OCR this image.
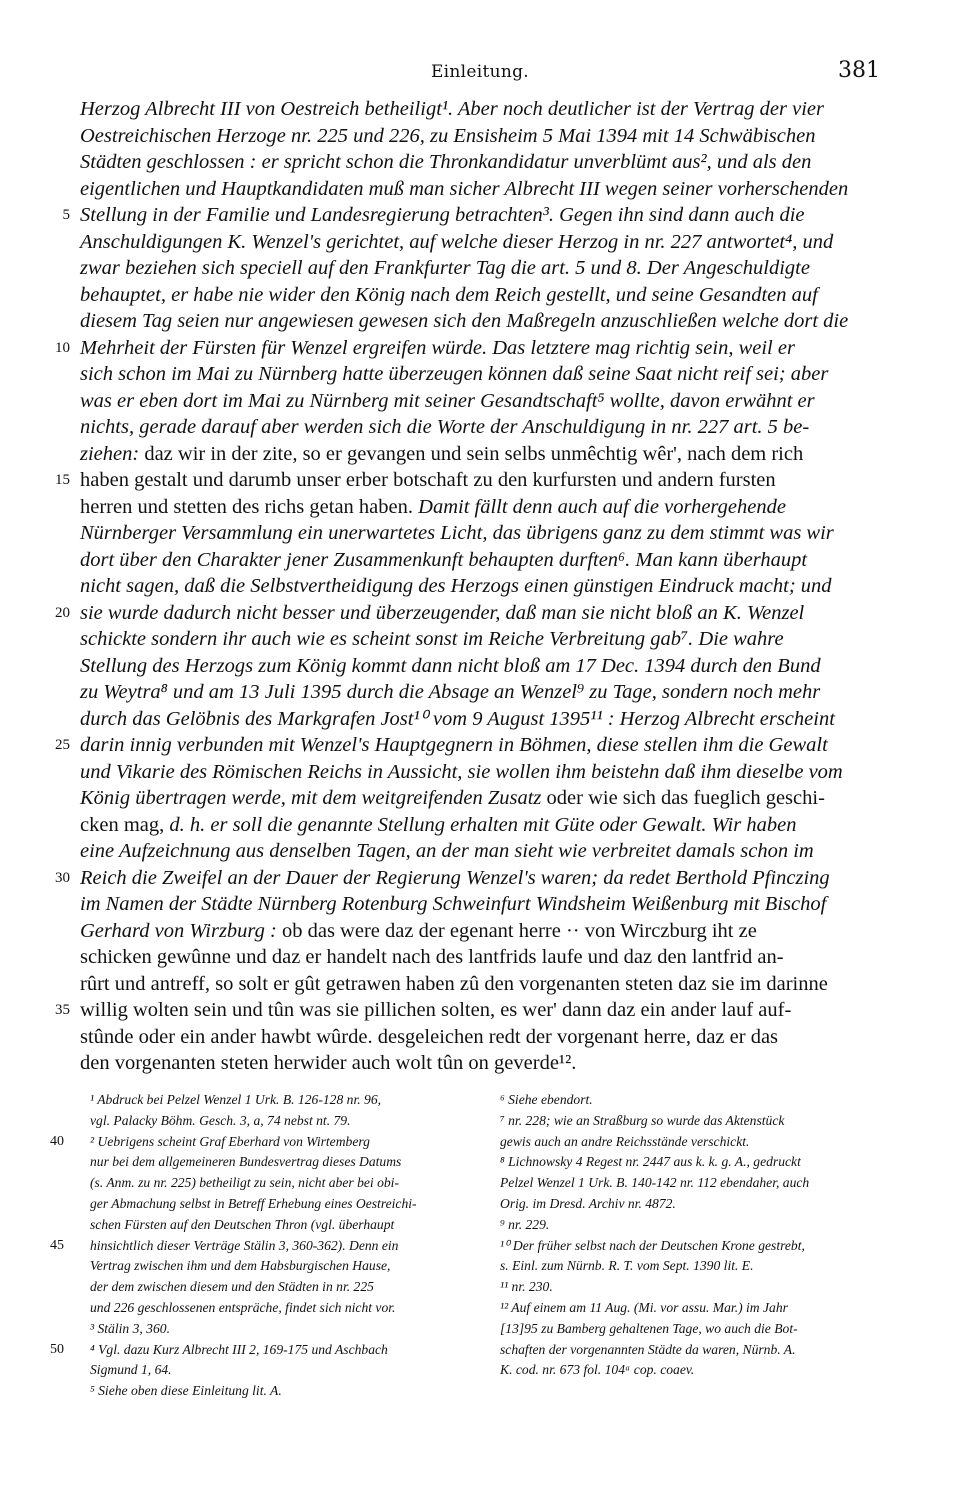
Einleitung.	381
Herzog Albrecht III von Oestreich betheiligt¹. Aber noch deutlicher ist der Vertrag der vier
Oestreichischen Herzoge nr. 225 und 226, zu Ensisheim 5 Mai 1394 mit 14 Schwäbischen
Städten geschlossen : er spricht schon die Thronkandidatur unverblümt aus², und als den
eigentlichen und Hauptkandidaten muß man sicher Albrecht III wegen seiner vorherschenden
5 Stellung in der Familie und Landesregierung betrachten³. Gegen ihn sind dann auch die
Anschuldigungen K. Wenzel's gerichtet, auf welche dieser Herzog in nr. 227 antwortet⁴, und
zwar beziehen sich speciell auf den Frankfurter Tag die art. 5 und 8. Der Angeschuldigte
behauptet, er habe nie wider den König nach dem Reich gestellt, und seine Gesandten auf
diesem Tag seien nur angewiesen gewesen sich den Maßregeln anzuschließen welche dort die
10 Mehrheit der Fürsten für Wenzel ergreifen würde. Das letztere mag richtig sein, weil er
sich schon im Mai zu Nürnberg hatte überzeugen können daß seine Saat nicht reif sei; aber
was er eben dort im Mai zu Nürnberg mit seiner Gesandtschaft⁵ wollte, davon erwähnt er
nichts, gerade darauf aber werden sich die Worte der Anschuldigung in nr. 227 art. 5 be-
ziehen: daz wir in der zite, so er gevangen und sein selbs unmêchtig wêr', nach dem rich
15 haben gestalt und darumb unser erber botschaft zu den kurfursten und andern fursten
herren und stetten des richs getan haben. Damit fällt denn auch auf die vorhergehende
Nürnberger Versammlung ein unerwartetes Licht, das übrigens ganz zu dem stimmt was wir
dort über den Charakter jener Zusammenkunft behaupten durften⁶. Man kann überhaupt
nicht sagen, daß die Selbstvertheidigung des Herzogs einen günstigen Eindruck macht; und
20 sie wurde dadurch nicht besser und überzeugender, daß man sie nicht bloß an K. Wenzel
schickte sondern ihr auch wie es scheint sonst im Reiche Verbreitung gab⁷. Die wahre
Stellung des Herzogs zum König kommt dann nicht bloß am 17 Dec. 1394 durch den Bund
zu Weytra⁸ und am 13 Juli 1395 durch die Absage an Wenzel⁹ zu Tage, sondern noch mehr
durch das Gelöbnis des Markgrafen Jost¹⁰ vom 9 August 1395¹¹ : Herzog Albrecht erscheint
25 darin innig verbunden mit Wenzel's Hauptgegnern in Böhmen, diese stellen ihm die Gewalt
und Vikarie des Römischen Reichs in Aussicht, sie wollen ihm beistehn daß ihm dieselbe vom
König übertragen werde, mit dem weitgreifenden Zusatz oder wie sich das fueglich geschi-
cken mag, d. h. er soll die genannte Stellung erhalten mit Güte oder Gewalt. Wir haben
eine Aufzeichnung aus denselben Tagen, an der man sieht wie verbreitet damals schon im
30 Reich die Zweifel an der Dauer der Regierung Wenzel's waren; da redet Berthold Pfinczing
im Namen der Städte Nürnberg Rotenburg Schweinfurt Windsheim Weißenburg mit Bischof
Gerhard von Wirzburg : ob das were daz der egenant herre ·· von Wirczburg iht ze
schicken gewûnne und daz er handelt nach des lantfrids laufe und daz den lantfrid an-
rûrt und antreff, so solt er gût getrawen haben zû den vorgenanten steten daz sie im darinne
35 willig wolten sein und tûn was sie pillichen solten, es wer' dann daz ein ander lauf auf-
stûnde oder ein ander hawbt wûrde. desgeleichen redt der vorgenant herre, daz er das
den vorgenanten steten herwider auch wolt tûn on geverde¹².
¹ Abdruck bei Pelzel Wenzel 1 Urk. B. 126-128 nr. 96,
vgl. Palacky Böhm. Gesch. 3, a, 74 nebst nt. 79.
40	² Uebrigens scheint Graf Eberhard von Wirtemberg
nur bei dem allgemeineren Bundesvertrag dieses Datums
(s. Anm. zu nr. 225) betheiligt zu sein, nicht aber bei obi-
ger Abmachung selbst in Betreff Erhebung eines Oestreichi-
schen Fürsten auf den Deutschen Thron (vgl. überhaupt
45	hinsichtlich dieser Verträge Stälin 3, 360-362). Denn ein
Vertrag zwischen ihm und dem Habsburgischen Hause,
der dem zwischen diesem und den Städten in nr. 225
und 226 geschlossenen entspräche, findet sich nicht vor.
³ Stälin 3, 360.
50	⁴ Vgl. dazu Kurz Albrecht III 2, 169-175 und Aschbach
Sigmund 1, 64.
⁵ Siehe oben diese Einleitung lit. A.
⁶ Siehe ebendort.
⁷ nr. 228; wie an Straßburg so wurde das Aktenstück
gewis auch an andre Reichsstände verschickt.
⁸ Lichnowsky 4 Regest nr. 2447 aus k. k. g. A., gedruckt
Pelzel Wenzel 1 Urk. B. 140-142 nr. 112 ebendaher, auch
Orig. im Dresd. Archiv nr. 4872.
⁹ nr. 229.
¹⁰ Der früher selbst nach der Deutschen Krone gestrebt,
s. Einl. zum Nürnb. R. T. vom Sept. 1390 lit. E.
¹¹ nr. 230.
¹² Auf einem am 11 Aug. (Mi. vor assu. Mar.) im Jahr
[13]95 zu Bamberg gehaltenen Tage, wo auch die Bot-
schaften der vorgenannten Städte da waren, Nürnb. A.
K. cod. nr. 673 fol. 104ᵃ cop. coaev.
